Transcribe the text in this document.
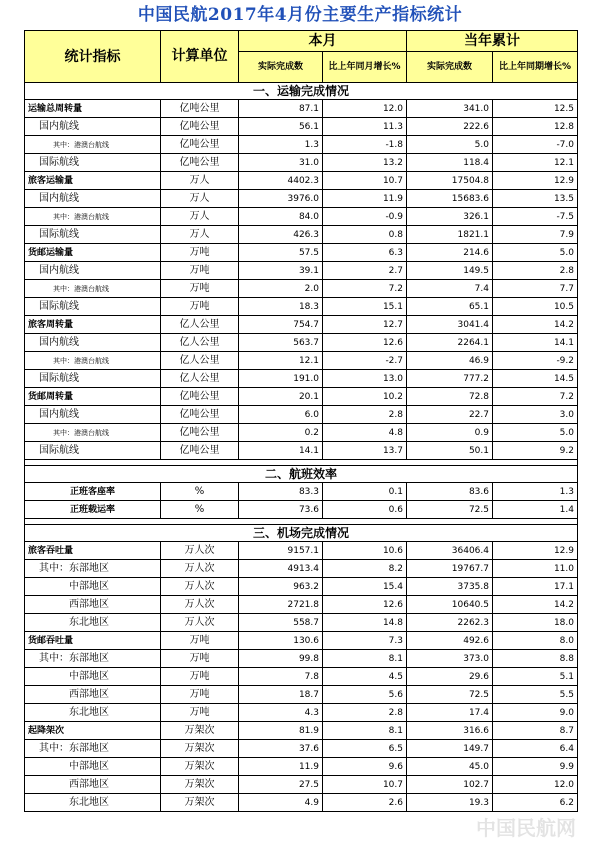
中国民航2017年4月份主要生产指标统计
统计指标	计算单位	本月		当年累计	
		实际完成数	比上年同月增长%	实际完成数	比上年同期增长%
一、运输完成情况					
运输总周转量	亿吨公里	87.1	12.0	341.0	12.5
国内航线	亿吨公里	56.1	11.3	222.6	12.8
其中：港澳台航线	亿吨公里	1.3	-1.8	5.0	-7.0
国际航线	亿吨公里	31.0	13.2	118.4	12.1
旅客运输量	万人	4402.3	10.7	17504.8	12.9
国内航线	万人	3976.0	11.9	15683.6	13.5
其中：港澳台航线	万人	84.0	-0.9	326.1	-7.5
国际航线	万人	426.3	0.8	1821.1	7.9
货邮运输量	万吨	57.5	6.3	214.6	5.0
国内航线	万吨	39.1	2.7	149.5	2.8
其中：港澳台航线	万吨	2.0	7.2	7.4	7.7
国际航线	万吨	18.3	15.1	65.1	10.5
旅客周转量	亿人公里	754.7	12.7	3041.4	14.2
国内航线	亿人公里	563.7	12.6	2264.1	14.1
其中：港澳台航线	亿人公里	12.1	-2.7	46.9	-9.2
国际航线	亿人公里	191.0	13.0	777.2	14.5
货邮周转量	亿吨公里	20.1	10.2	72.8	7.2
国内航线	亿吨公里	6.0	2.8	22.7	3.0
其中：港澳台航线	亿吨公里	0.2	4.8	0.9	5.0
国际航线	亿吨公里	14.1	13.7	50.1	9.2

二、航班效率					
正班客座率	%	83.3	0.1	83.6	1.3
正班载运率	%	73.6	0.6	72.5	1.4

三、机场完成情况					
旅客吞吐量	万人次	9157.1	10.6	36406.4	12.9
其中：东部地区	万人次	4913.4	8.2	19767.7	11.0
中部地区	万人次	963.2	15.4	3735.8	17.1
西部地区	万人次	2721.8	12.6	10640.5	14.2
东北地区	万人次	558.7	14.8	2262.3	18.0
货邮吞吐量	万吨	130.6	7.3	492.6	8.0
其中：东部地区	万吨	99.8	8.1	373.0	8.8
中部地区	万吨	7.8	4.5	29.6	5.1
西部地区	万吨	18.7	5.6	72.5	5.5
东北地区	万吨	4.3	2.8	17.4	9.0
起降架次	万架次	81.9	8.1	316.6	8.7
其中：东部地区	万架次	37.6	6.5	149.7	6.4
中部地区	万架次	11.9	9.6	45.0	9.9
西部地区	万架次	27.5	10.7	102.7	12.0
东北地区	万架次	4.9	2.6	19.3	6.2
中国民航网
